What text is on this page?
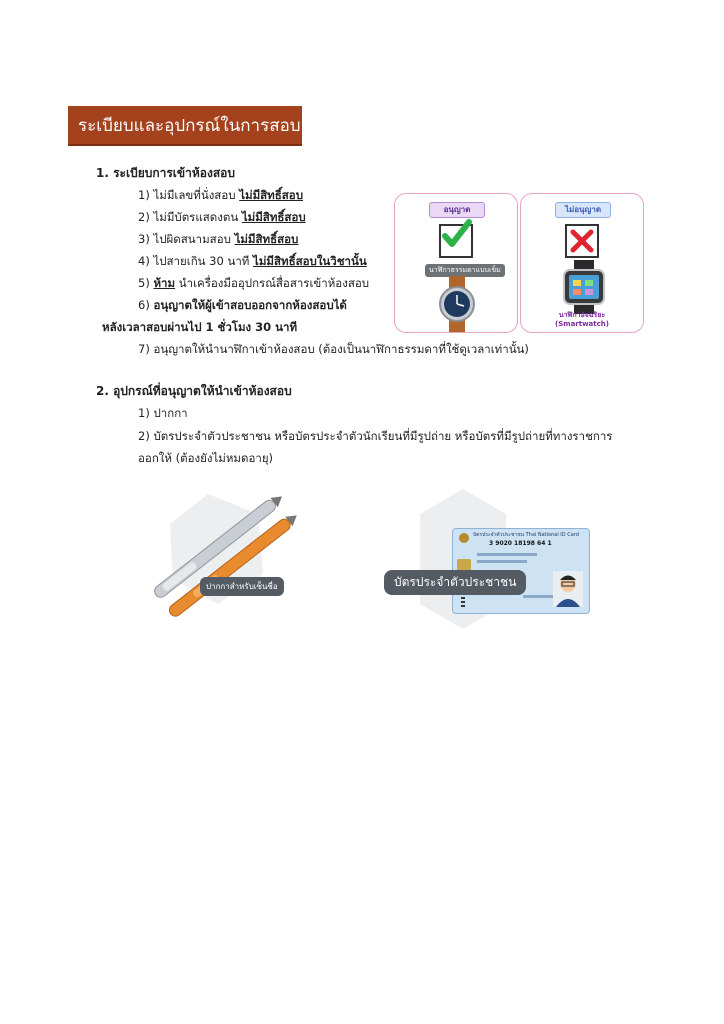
ระเบียบและอุปกรณ์ในการสอบ
1. ระเบียบการเข้าห้องสอบ
1) ไม่มีเลขที่นั่งสอบ ไม่มีสิทธิ์สอบ
2) ไม่มีบัตรแสดงตน ไม่มีสิทธิ์สอบ
3) ไปผิดสนามสอบ ไม่มีสิทธิ์สอบ
4) ไปสายเกิน 30 นาที ไม่มีสิทธิ์สอบในวิชานั้น
5) ห้าม นำเครื่องมืออุปกรณ์สื่อสารเข้าห้องสอบ
6) อนุญาตให้ผู้เข้าสอบออกจากห้องสอบได้
หลังเวลาสอบผ่านไป 1 ชั่วโมง 30 นาที
7) อนุญาตให้นำนาฬิกาเข้าห้องสอบ (ต้องเป็นนาฬิกาธรรมดาที่ใช้ดูเวลาเท่านั้น)
อนุญาต
นาฬิกาธรรมดาแบบเข็ม
ไม่อนุญาต
นาฬิกาอัจฉริยะ
(Smartwatch)
2. อุปกรณ์ที่อนุญาตให้นำเข้าห้องสอบ
1) ปากกา
2) บัตรประจำตัวประชาชน หรือบัตรประจำตัวนักเรียนที่มีรูปถ่าย หรือบัตรที่มีรูปถ่ายที่ทางราชการ
ออกให้ (ต้องยังไม่หมดอายุ)
ปากกาสำหรับเซ็นชื่อ
บัตรประจำตัวประชาชน Thai National ID Card
3 9020 18198 64 1
บัตรประจำตัวประชาชน
